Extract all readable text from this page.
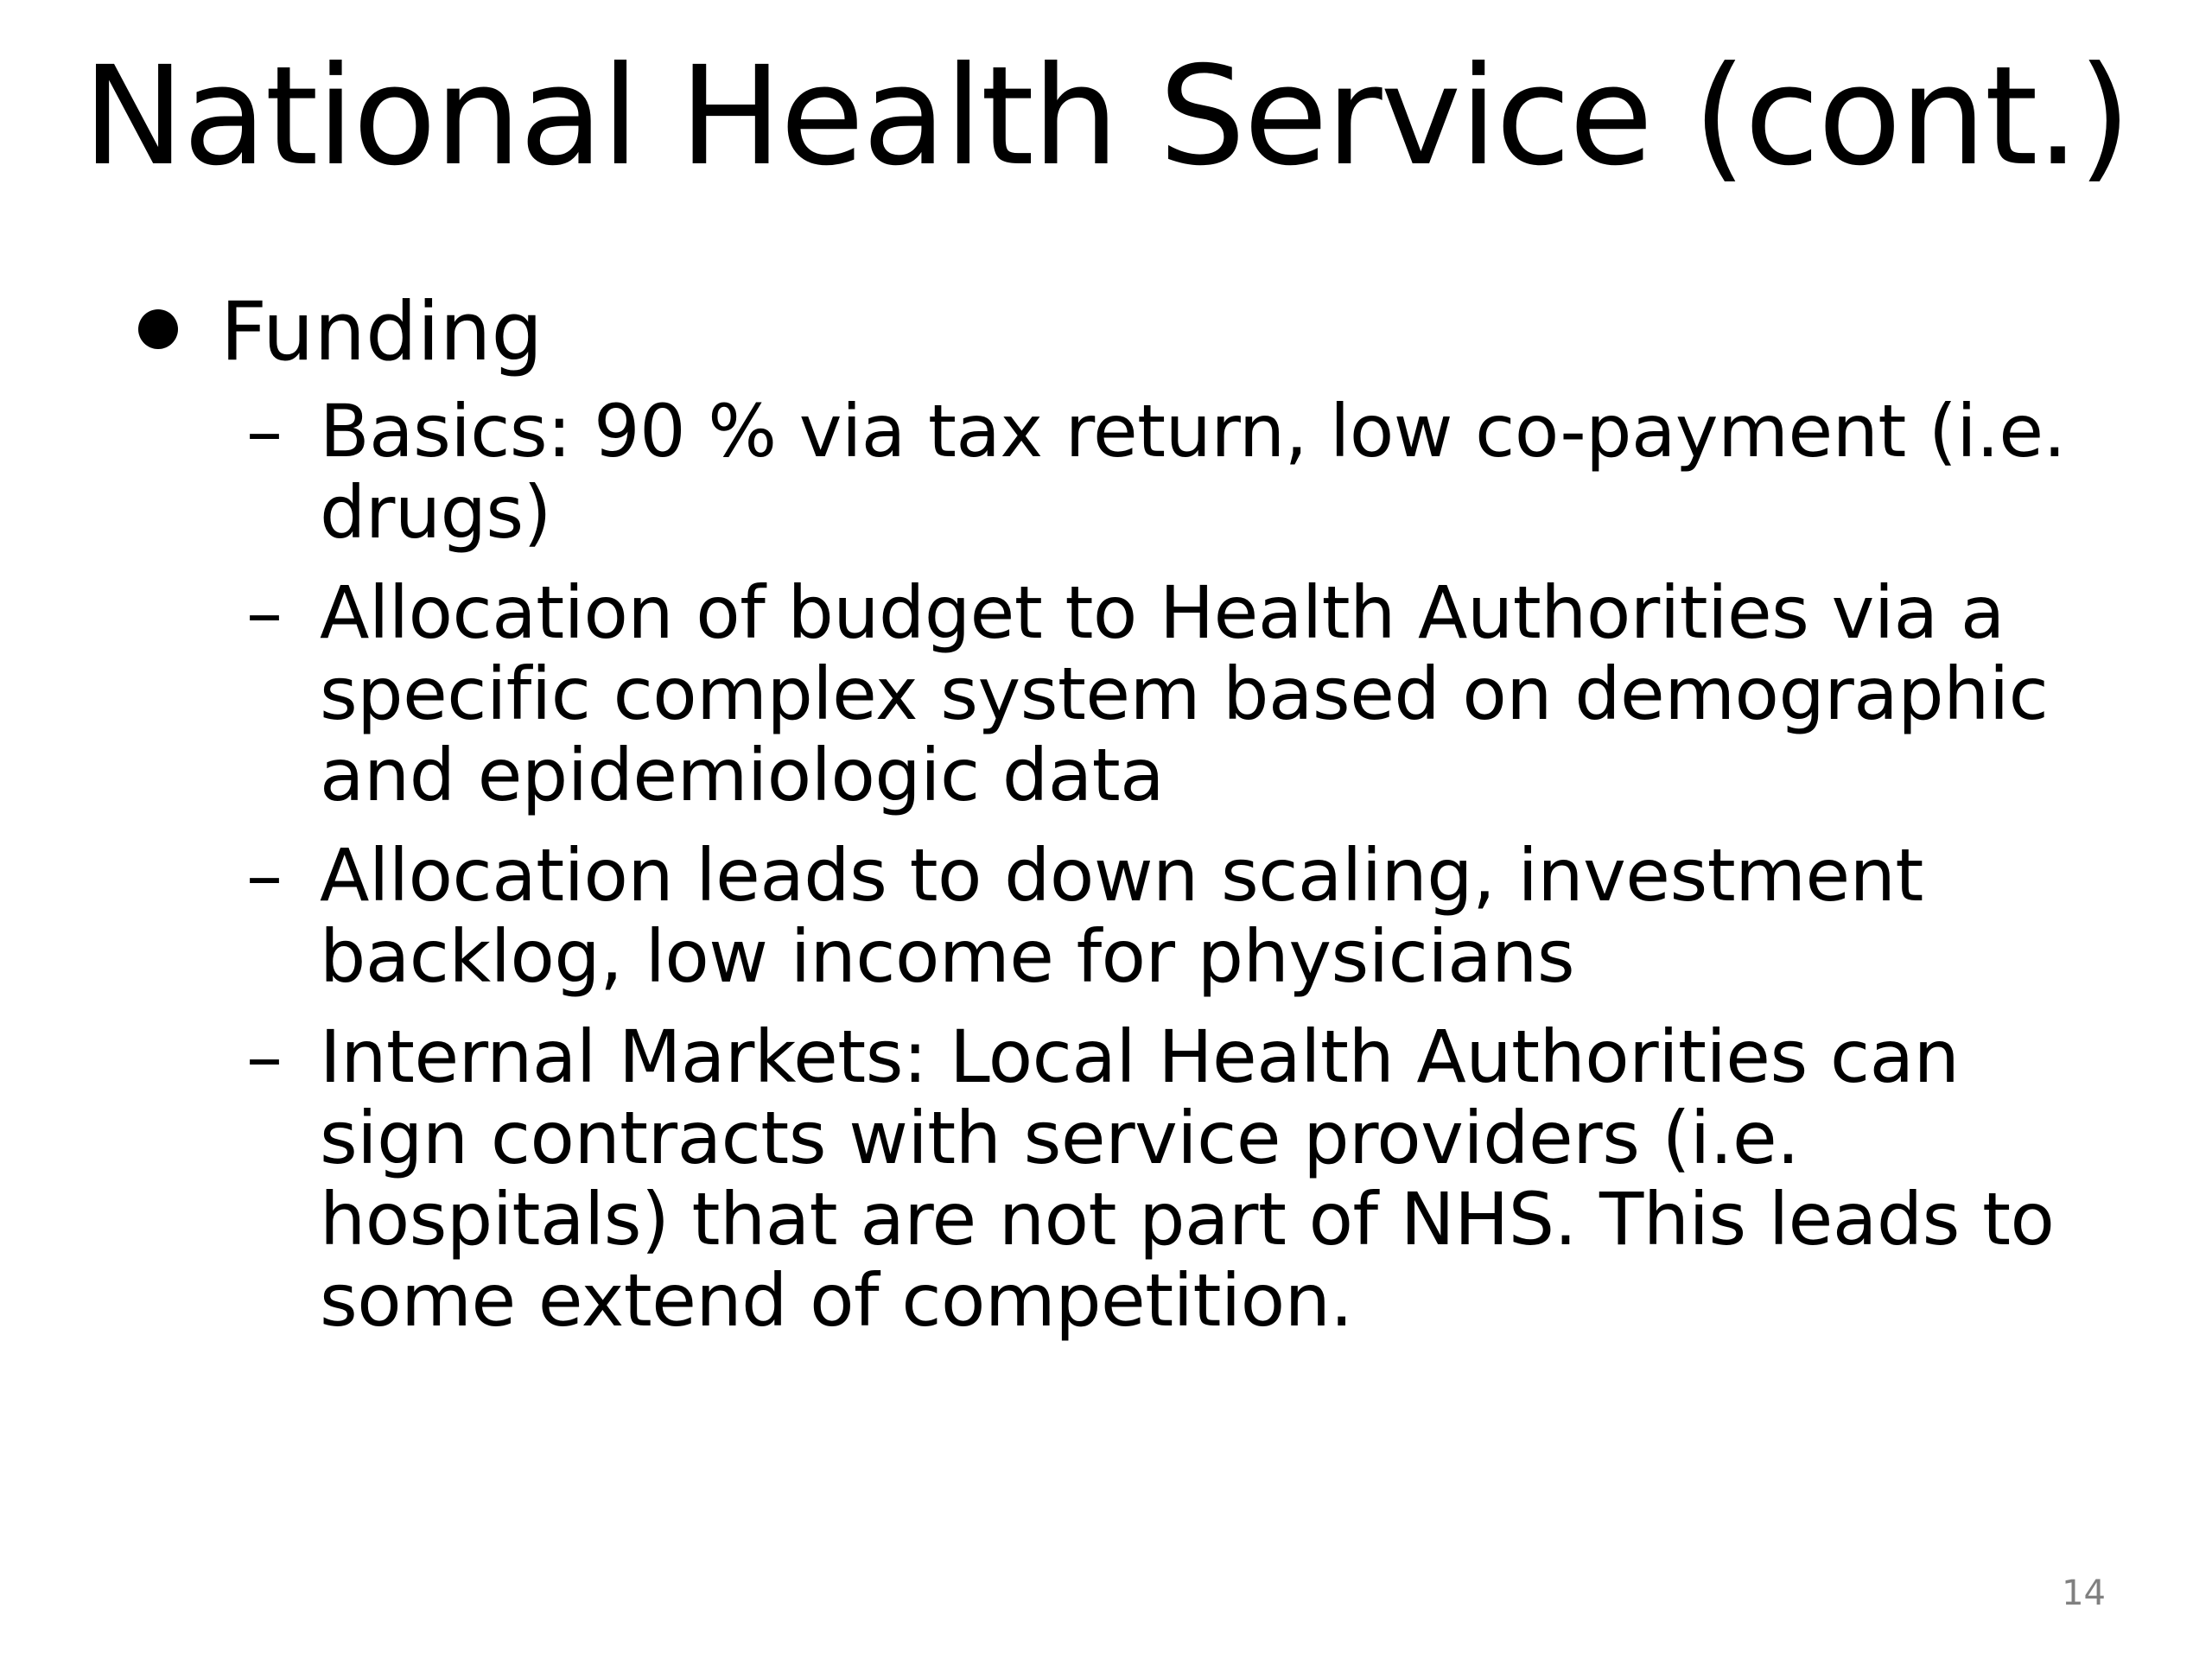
National Health Service (cont.)
Funding
– Basics: 90 % via tax return, low co-payment (i.e. drugs)
– Allocation of budget to Health Authorities via a specific complex system based on demographic and epidemiologic data
– Allocation leads to down scaling, investment backlog, low income for physicians
– Internal Markets: Local Health Authorities can sign contracts with service providers (i.e. hospitals) that are not part of NHS. This leads to some extend of competition.
14
